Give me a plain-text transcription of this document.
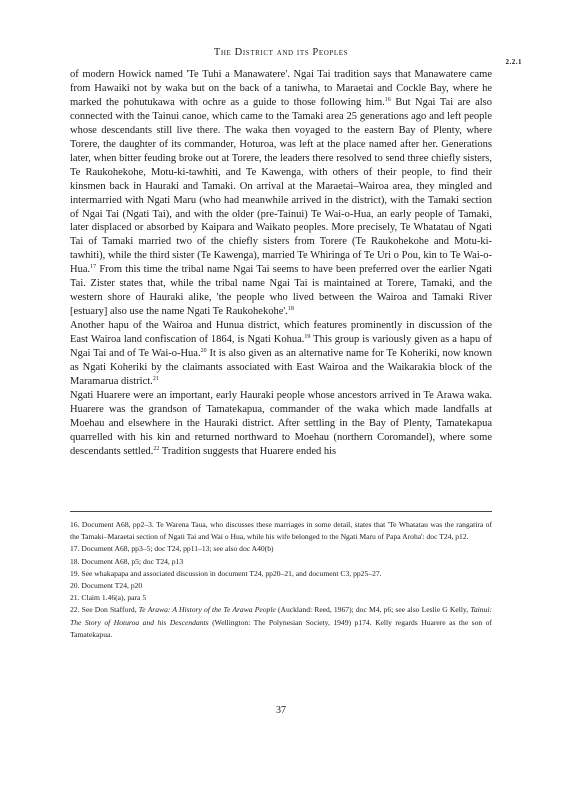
The District and its Peoples
2.2.1

of modern Howick named 'Te Tuhi a Manawatere'. Ngai Tai tradition says that Manawatere came from Hawaiki not by waka but on the back of a taniwha, to Maraetai and Cockle Bay, where he marked the pohutukawa with ochre as a guide to those following him.$^{16}$ But Ngai Tai are also connected with the Tainui canoe, which came to the Tamaki area 25 generations ago and left people whose descendants still live there. The waka then voyaged to the eastern Bay of Plenty, where Torere, the daughter of its commander, Hoturoa, was left at the place named after her. Generations later, when bitter feuding broke out at Torere, the leaders there resolved to send three chiefly sisters, Te Raukohekohe, Motu-ki-tawhiti, and Te Kawenga, with others of their people, to find their kinsmen back in Hauraki and Tamaki. On arrival at the Maraetai–Wairoa area, they mingled and intermarried with Ngati Maru (who had meanwhile arrived in the district), with the Tamaki section of Ngai Tai (Ngati Tai), and with the older (pre-Tainui) Te Wai-o-Hua, an early people of Tamaki, later displaced or absorbed by Kaipara and Waikato peoples. More precisely, Te Whatatau of Ngati Tai of Tamaki married two of the chiefly sisters from Torere (Te Raukohekohe and Motu-ki-tawhiti), while the third sister (Te Kawenga), married Te Whiringa of Te Uri o Pou, kin to Te Wai-o-Hua.$^{17}$ From this time the tribal name Ngai Tai seems to have been preferred over the earlier Ngati Tai. Zister states that, while the tribal name Ngai Tai is maintained at Torere, Tamaki, and the western shore of Hauraki alike, 'the people who lived between the Wairoa and Tamaki River [estuary] also use the name Ngati Te Raukohekohe'.$^{18}$

Another hapu of the Wairoa and Hunua district, which features prominently in discussion of the East Wairoa land confiscation of 1864, is Ngati Kohua.$^{19}$ This group is variously given as a hapu of Ngai Tai and of Te Wai-o-Hua.$^{20}$ It is also given as an alternative name for Te Koheriki, now known as Ngati Koheriki by the claimants associated with East Wairoa and the Waikarakia block of the Maramarua district.$^{21}$

Ngati Huarere were an important, early Hauraki people whose ancestors arrived in Te Arawa waka. Huarere was the grandson of Tamatekapua, commander of the waka which made landfalls at Moehau and elsewhere in the Hauraki district. After settling in the Bay of Plenty, Tamatekapua quarrelled with his kin and returned northward to Moehau (northern Coromandel), where some descendants settled.$^{22}$ Tradition suggests that Huarere ended his

16. Document A68, pp2–3. Te Warena Taua, who discusses these marriages in some detail, states that 'Te Whatatau was the rangatira of the Tamaki–Maraetai section of Ngati Tai and Wai o Hua, while his wife belonged to the Ngati Maru of Papa Aroha': doc T24, p12.

17. Document A68, pp3–5; doc T24, pp11–13; see also doc A40(b)

18. Document A68, p5; doc T24, p13

19. See whakapapa and associated discussion in document T24, pp20–21, and document C3, pp25–27.

20. Document T24, p20

21. Claim 1.46(a), para 5

22. See Don Stafford, Te Arawa: A History of the Te Arawa People (Auckland: Reed, 1967); doc M4, p6; see also Leslie G Kelly, Tainui: The Story of Hoturoa and his Descendants (Wellington: The Polynesian Society, 1949) p174. Kelly regards Huarere as the son of Tamatekapua.

37
